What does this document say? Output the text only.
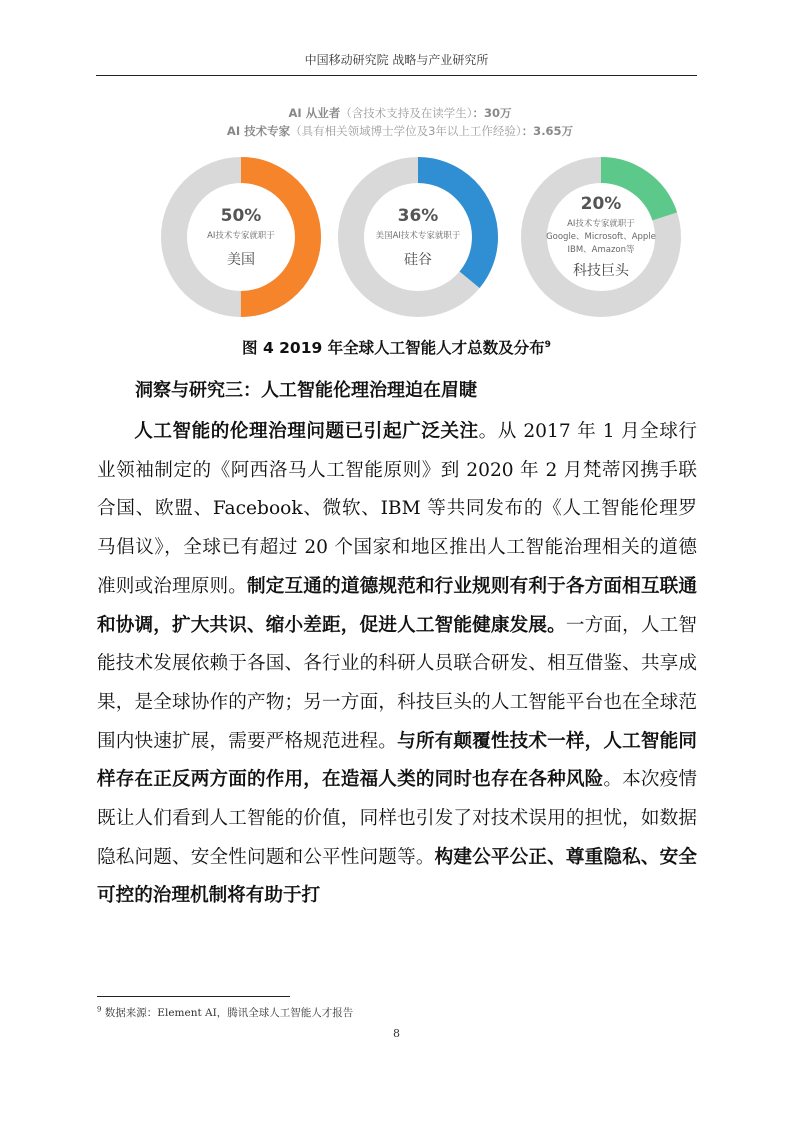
中国移动研究院 战略与产业研究所
AI 从业者（含技术支持及在读学生）：30万
AI 技术专家（具有相关领域博士学位及3年以上工作经验）：3.65万
50%
AI技术专家就职于
美国
36%
美国AI技术专家就职于
硅谷
20%
AI技术专家就职于
Google、Microsoft、Apple
IBM、Amazon等
科技巨头
图 4 2019 年全球人工智能人才总数及分布$^9$
洞察与研究三：人工智能伦理治理迫在眉睫

人工智能的伦理治理问题已引起广泛关注。从 2017 年 1 月全球行业领袖制定的《阿西洛马人工智能原则》到 2020 年 2 月梵蒂冈携手联合国、欧盟、Facebook、微软、IBM 等共同发布的《人工智能伦理罗马倡议》，全球已有超过 20 个国家和地区推出人工智能治理相关的道德准则或治理原则。制定互通的道德规范和行业规则有利于各方面相互联通和协调，扩大共识、缩小差距，促进人工智能健康发展。一方面，人工智能技术发展依赖于各国、各行业的科研人员联合研发、相互借鉴、共享成果，是全球协作的产物；另一方面，科技巨头的人工智能平台也在全球范围内快速扩展，需要严格规范进程。与所有颠覆性技术一样，人工智能同样存在正反两方面的作用，在造福人类的同时也存在各种风险。本次疫情既让人们看到人工智能的价值，同样也引发了对技术误用的担忧，如数据隐私问题、安全性问题和公平性问题等。构建公平公正、尊重隐私、安全可控的治理机制将有助于打

$^9$ 数据来源：Element AI，腾讯全球人工智能人才报告
8
